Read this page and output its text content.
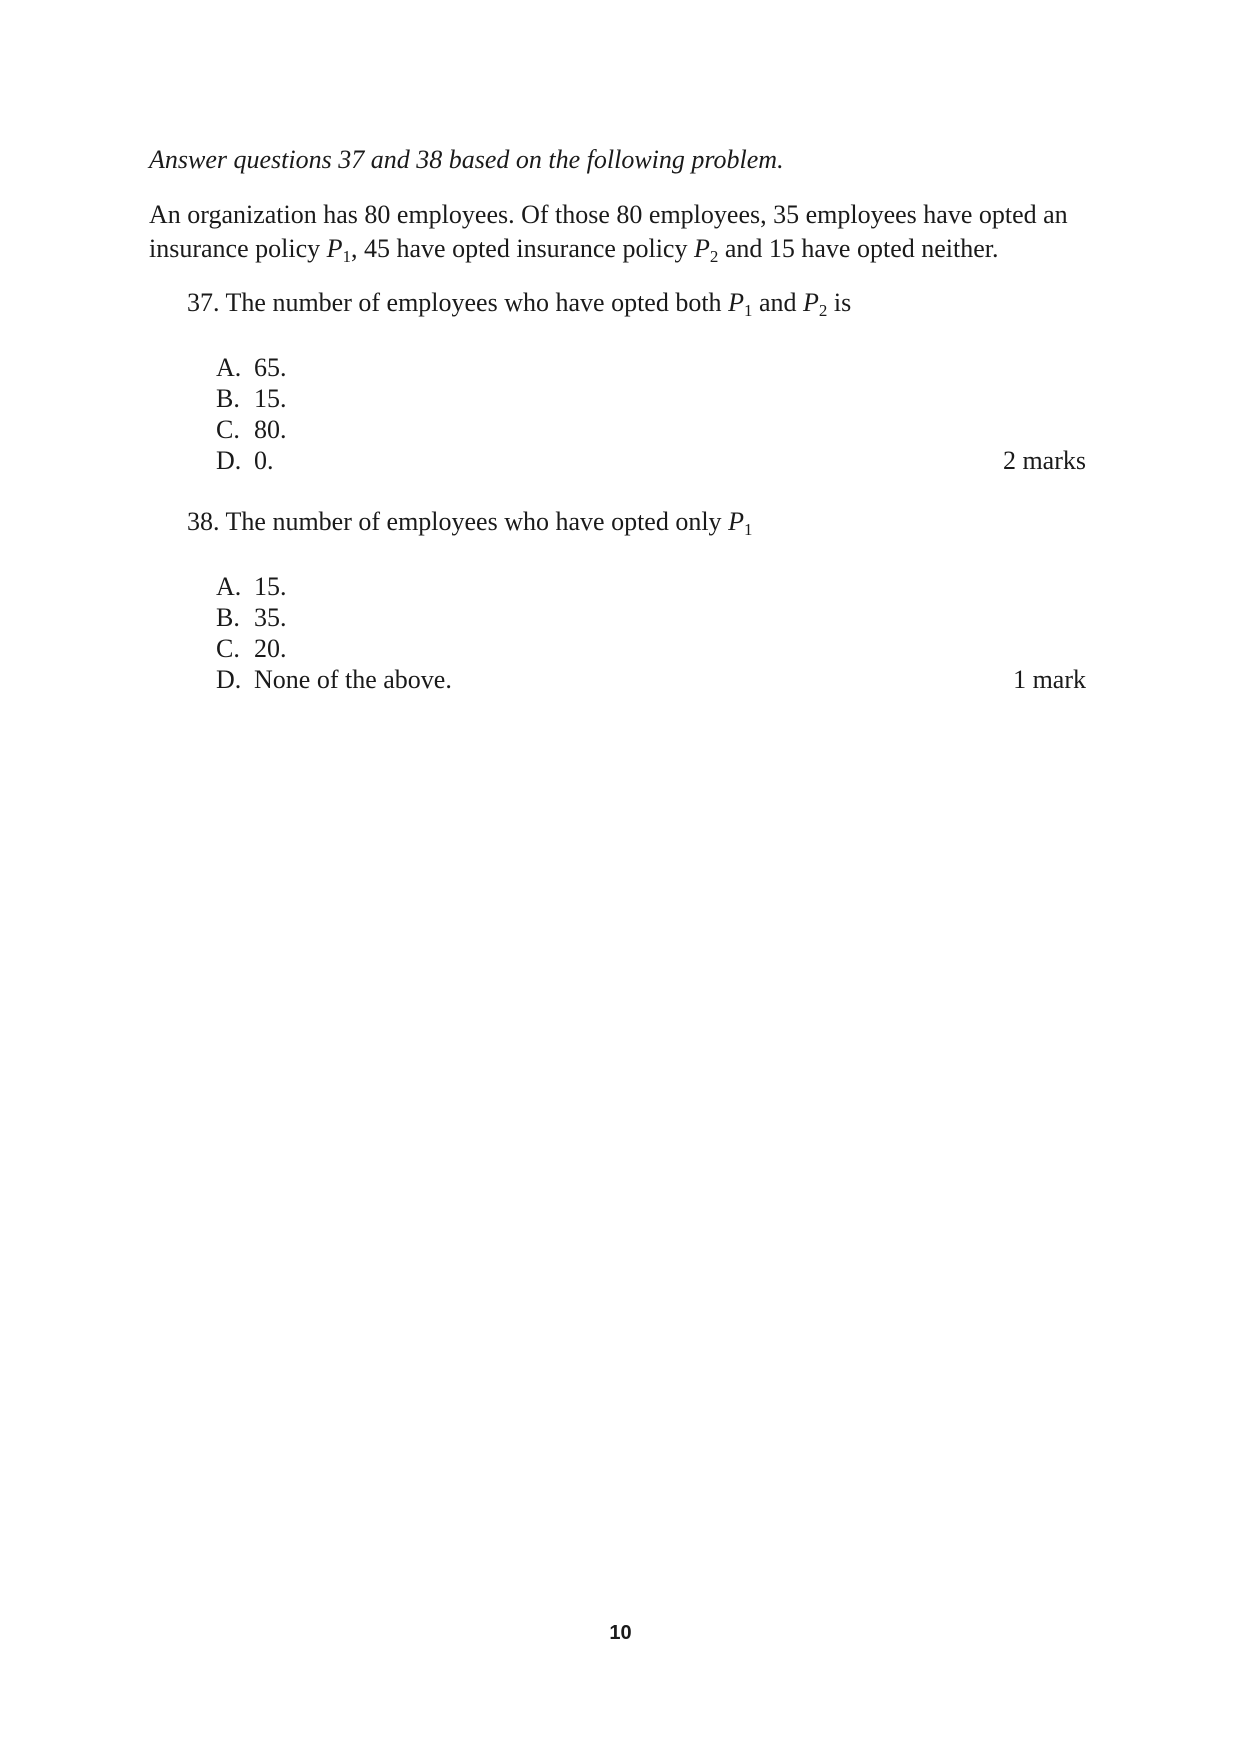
Answer questions 37 and 38 based on the following problem.
An organization has 80 employees. Of those 80 employees, 35 employees have opted an
insurance policy $P_1$, 45 have opted insurance policy $P_2$ and 15 have opted neither.
37. The number of employees who have opted both $P_1$ and $P_2$ is
A. 65.
B. 15.
C. 80.
D. 0.	2 marks
38. The number of employees who have opted only $P_1$
A. 15.
B. 35.
C. 20.
D. None of the above.	1 mark
10
